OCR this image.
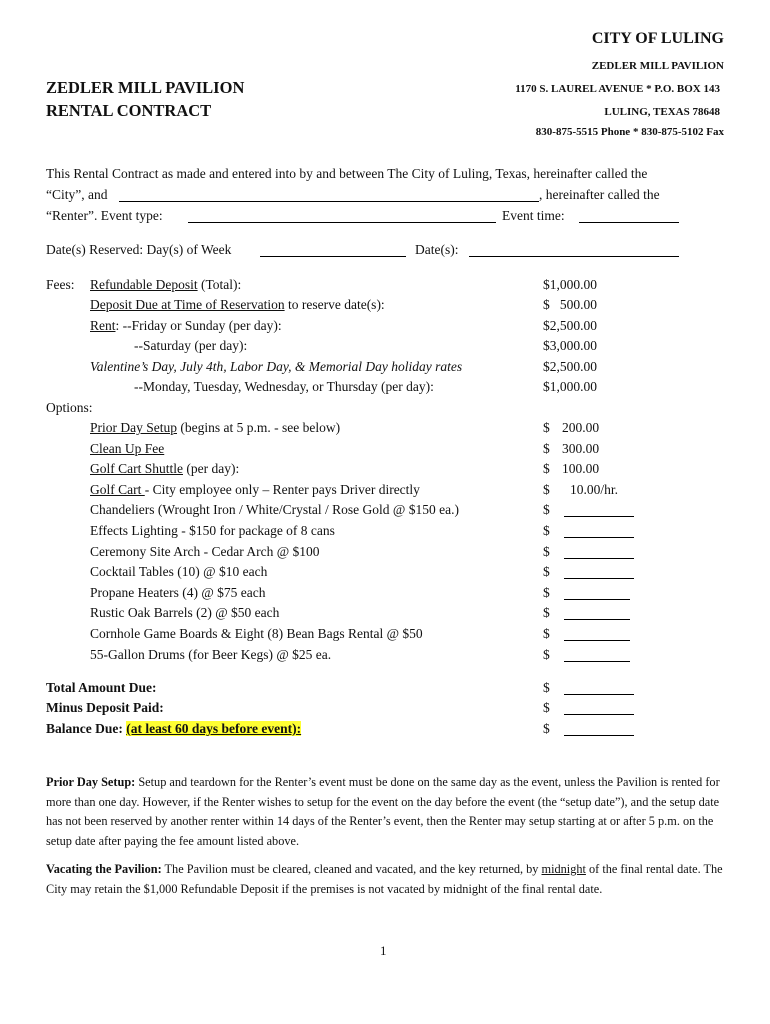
CITY OF LULING
ZEDLER MILL PAVILION
1170 S. LAUREL AVENUE * P.O. BOX 143
LULING, TEXAS 78648
830-875-5515 Phone * 830-875-5102 Fax
ZEDLER MILL PAVILION
RENTAL CONTRACT
This Rental Contract as made and entered into by and between The City of Luling, Texas, hereinafter called the
“City”, and	, hereinafter called the
“Renter”. Event type:	Event time:
Date(s) Reserved: Day(s) of Week	Date(s):
Fees: Refundable Deposit (Total):	$1,000.00
Deposit Due at Time of Reservation to reserve date(s):	$   500.00
Rent: --Friday or Sunday (per day):	$2,500.00
--Saturday (per day):	$3,000.00
Valentine’s Day, July 4th, Labor Day, & Memorial Day holiday rates	$2,500.00
--Monday, Tuesday, Wednesday, or Thursday (per day):	$1,000.00
Options:
Prior Day Setup (begins at 5 p.m. - see below)	$ 200.00
Clean Up Fee	$ 300.00
Golf Cart Shuttle (per day):	$ 100.00
Golf Cart - City employee only – Renter pays Driver directly	$ 10.00/hr.
Chandeliers (Wrought Iron / White/Crystal / Rose Gold @ $150 ea.)	$
Effects Lighting - $150 for package of 8 cans	$
Ceremony Site Arch - Cedar Arch @ $100	$
Cocktail Tables (10) @ $10 each	$
Propane Heaters (4) @ $75 each	$
Rustic Oak Barrels (2) @ $50 each	$
Cornhole Game Boards & Eight (8) Bean Bags Rental @ $50	$
55-Gallon Drums (for Beer Kegs) @ $25 ea.	$
Total Amount Due:	$
Minus Deposit Paid:	$
Balance Due: (at least 60 days before event):	$
Prior Day Setup: Setup and teardown for the Renter’s event must be done on the same day as the event, unless the Pavilion is rented for more than one day. However, if the Renter wishes to setup for the event on the day before the event (the “setup date”), and the setup date has not been reserved by another renter within 14 days of the Renter’s event, then the Renter may setup starting at or after 5 p.m. on the setup date after paying the fee amount listed above.
Vacating the Pavilion: The Pavilion must be cleared, cleaned and vacated, and the key returned, by midnight of the final rental date. The City may retain the $1,000 Refundable Deposit if the premises is not vacated by midnight of the final rental date.
1
